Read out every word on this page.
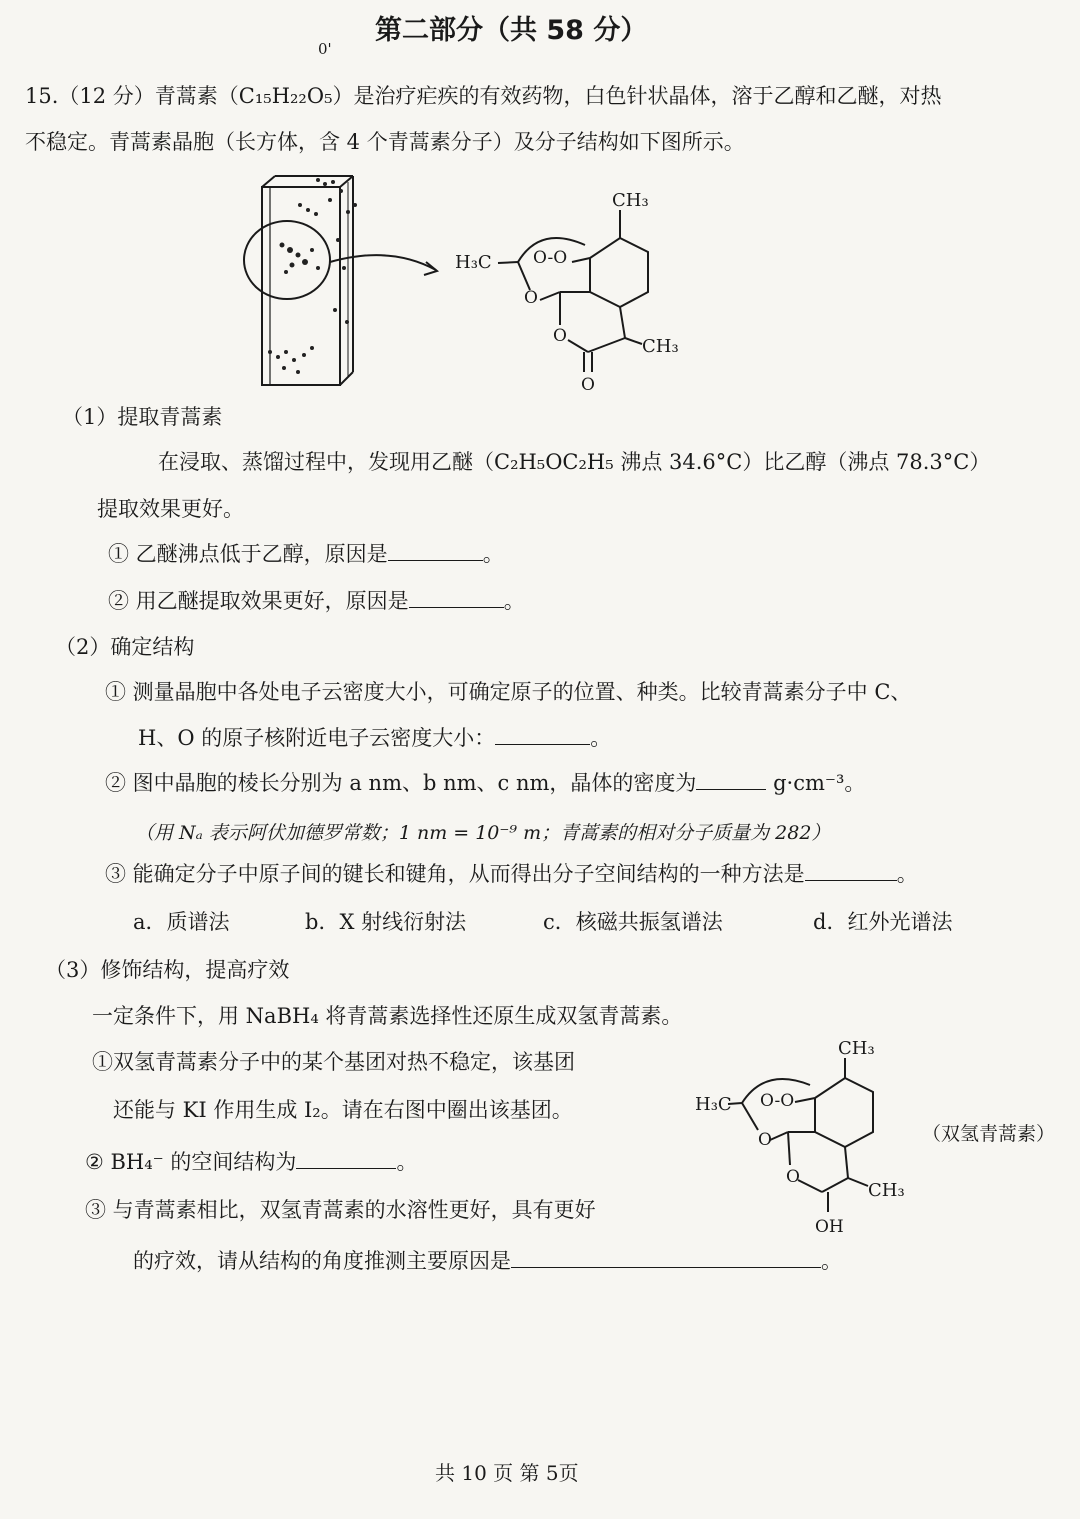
第二部分（共 58 分）
0'
15.（12 分）青蒿素（C₁₅H₂₂O₅）是治疗疟疾的有效药物，白色针状晶体，溶于乙醇和乙醚，对热
不稳定。青蒿素晶胞（长方体，含 4 个青蒿素分子）及分子结构如下图所示。
CH₃
H₃C O-O
O
O	CH₃
O
（1）提取青蒿素
在浸取、蒸馏过程中，发现用乙醚（C₂H₅OC₂H₅ 沸点 34.6°C）比乙醇（沸点 78.3°C）
提取效果更好。
① 乙醚沸点低于乙醇，原因是	。
② 用乙醚提取效果更好，原因是	。
（2）确定结构
① 测量晶胞中各处电子云密度大小，可确定原子的位置、种类。比较青蒿素分子中 C、
H、O 的原子核附近电子云密度大小：	。
② 图中晶胞的棱长分别为 a nm、b nm、c nm，晶体的密度为	g·cm⁻³。
（用 Nₐ 表示阿伏加德罗常数；1 nm = 10⁻⁹ m；青蒿素的相对分子质量为 282）
③ 能确定分子中原子间的键长和键角，从而得出分子空间结构的一种方法是	。
a．质谱法	b．X 射线衍射法	c．核磁共振氢谱法	d．红外光谱法
（3）修饰结构，提高疗效
一定条件下，用 NaBH₄ 将青蒿素选择性还原生成双氢青蒿素。
①双氢青蒿素分子中的某个基团对热不稳定，该基团
还能与 KI 作用生成 I₂。请在右图中圈出该基团。
② BH₄⁻ 的空间结构为	。
③ 与青蒿素相比，双氢青蒿素的水溶性更好，具有更好
的疗效，请从结构的角度推测主要原因是	。
CH₃
H₃C O-O
O
O
CH₃
OH
（双氢青蒿素）
共 10 页 第 5页
